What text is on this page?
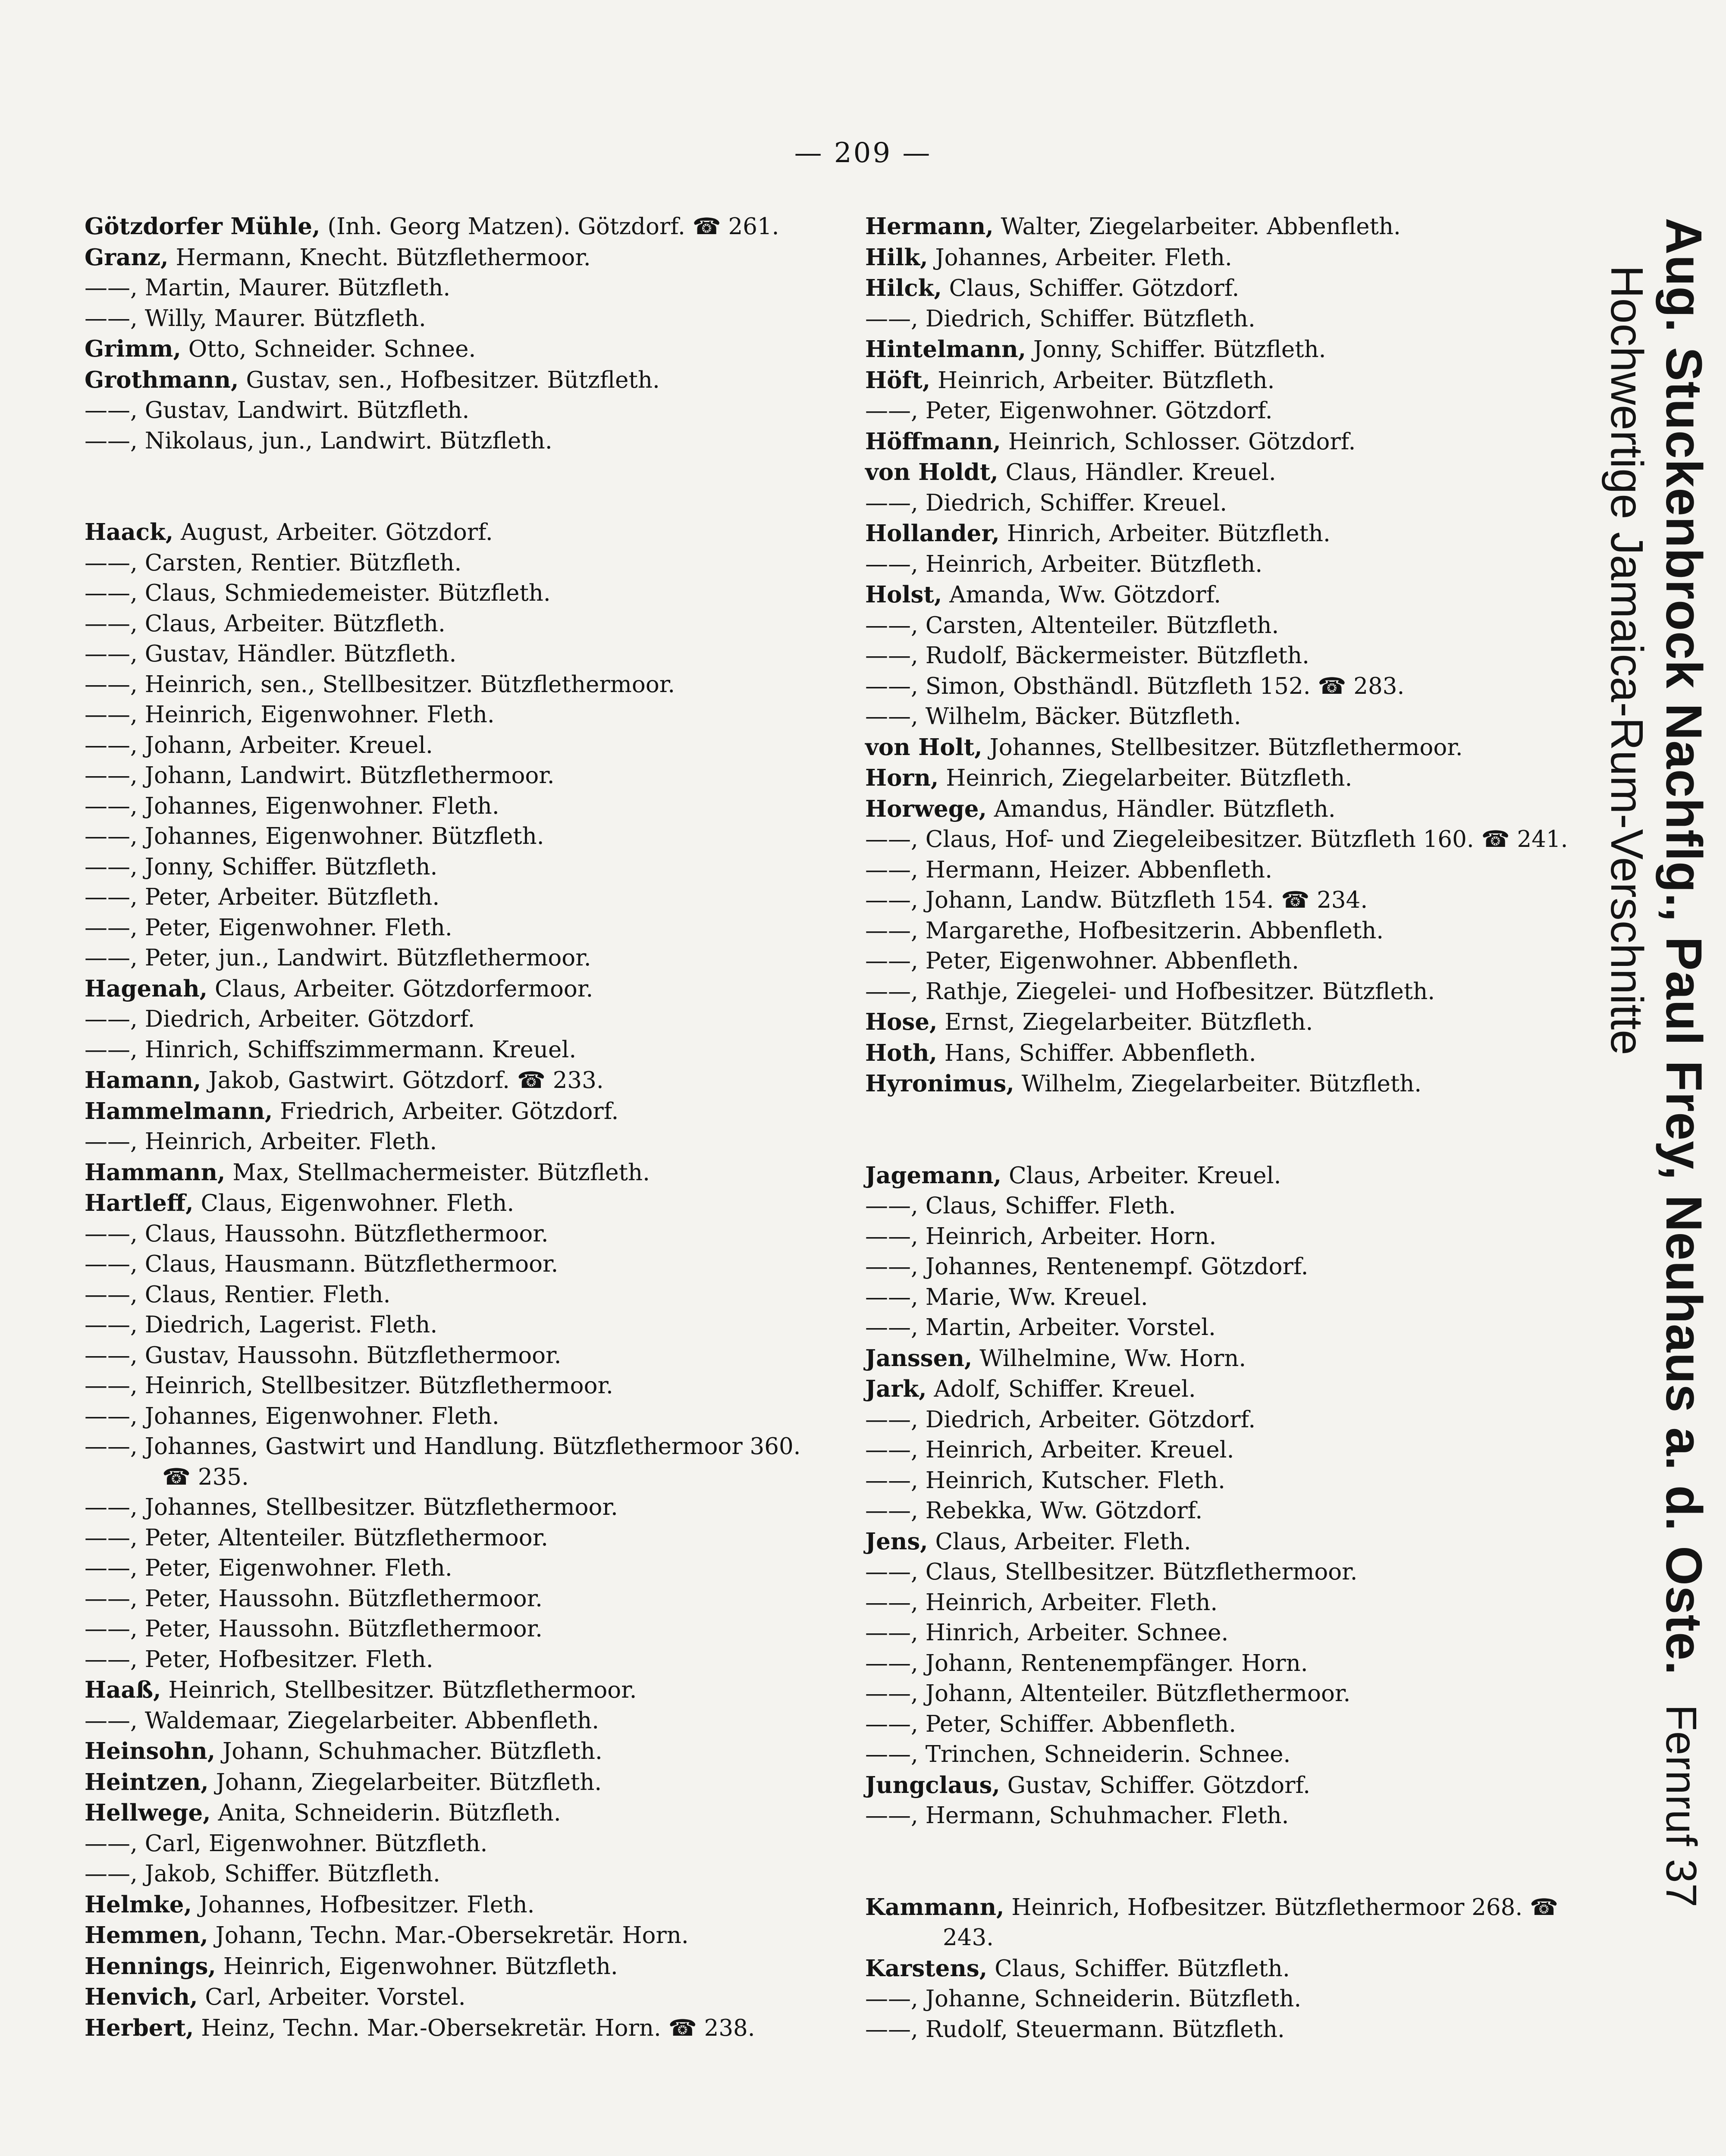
— 209 —

Götzdorfer Mühle, (Inh. Georg Matzen). Götzdorf. ☎ 261.

Granz, Hermann, Knecht. Bützflethermoor.

——, Martin, Maurer. Bützfleth.

——, Willy, Maurer. Bützfleth.

Grimm, Otto, Schneider. Schnee.

Grothmann, Gustav, sen., Hofbesitzer. Bützfleth.

——, Gustav, Landwirt. Bützfleth.

——, Nikolaus, jun., Landwirt. Bützfleth.

Haack, August, Arbeiter. Götzdorf.

——, Carsten, Rentier. Bützfleth.

——, Claus, Schmiedemeister. Bützfleth.

——, Claus, Arbeiter. Bützfleth.

——, Gustav, Händler. Bützfleth.

——, Heinrich, sen., Stellbesitzer. Bützflethermoor.

——, Heinrich, Eigenwohner. Fleth.

——, Johann, Arbeiter. Kreuel.

——, Johann, Landwirt. Bützflethermoor.

——, Johannes, Eigenwohner. Fleth.

——, Johannes, Eigenwohner. Bützfleth.

——, Jonny, Schiffer. Bützfleth.

——, Peter, Arbeiter. Bützfleth.

——, Peter, Eigenwohner. Fleth.

——, Peter, jun., Landwirt. Bützflethermoor.

Hagenah, Claus, Arbeiter. Götzdorfermoor.

——, Diedrich, Arbeiter. Götzdorf.

——, Hinrich, Schiffszimmermann. Kreuel.

Hamann, Jakob, Gastwirt. Götzdorf. ☎ 233.

Hammelmann, Friedrich, Arbeiter. Götzdorf.

——, Heinrich, Arbeiter. Fleth.

Hammann, Max, Stellmachermeister. Bützfleth.

Hartleff, Claus, Eigenwohner. Fleth.

——, Claus, Haussohn. Bützflethermoor.

——, Claus, Hausmann. Bützflethermoor.

——, Claus, Rentier. Fleth.

——, Diedrich, Lagerist. Fleth.

——, Gustav, Haussohn. Bützflethermoor.

——, Heinrich, Stellbesitzer. Bützflethermoor.

——, Johannes, Eigenwohner. Fleth.

——, Johannes, Gastwirt und Handlung. Bützflethermoor 360. ☎ 235.

——, Johannes, Stellbesitzer. Bützflethermoor.

——, Peter, Altenteiler. Bützflethermoor.

——, Peter, Eigenwohner. Fleth.

——, Peter, Haussohn. Bützflethermoor.

——, Peter, Haussohn. Bützflethermoor.

——, Peter, Hofbesitzer. Fleth.

Haaß, Heinrich, Stellbesitzer. Bützflethermoor.

——, Waldemaar, Ziegelarbeiter. Abbenfleth.

Heinsohn, Johann, Schuhmacher. Bützfleth.

Heintzen, Johann, Ziegelarbeiter. Bützfleth.

Hellwege, Anita, Schneiderin. Bützfleth.

——, Carl, Eigenwohner. Bützfleth.

——, Jakob, Schiffer. Bützfleth.

Helmke, Johannes, Hofbesitzer. Fleth.

Hemmen, Johann, Techn. Mar.-Obersekretär. Horn.

Hennings, Heinrich, Eigenwohner. Bützfleth.

Henvich, Carl, Arbeiter. Vorstel.

Herbert, Heinz, Techn. Mar.-Obersekretär. Horn. ☎ 238.

Hermann, Walter, Ziegelarbeiter. Abbenfleth.

Hilk, Johannes, Arbeiter. Fleth.

Hilck, Claus, Schiffer. Götzdorf.

——, Diedrich, Schiffer. Bützfleth.

Hintelmann, Jonny, Schiffer. Bützfleth.

Höft, Heinrich, Arbeiter. Bützfleth.

——, Peter, Eigenwohner. Götzdorf.

Höffmann, Heinrich, Schlosser. Götzdorf.

von Holdt, Claus, Händler. Kreuel.

——, Diedrich, Schiffer. Kreuel.

Hollander, Hinrich, Arbeiter. Bützfleth.

——, Heinrich, Arbeiter. Bützfleth.

Holst, Amanda, Ww. Götzdorf.

——, Carsten, Altenteiler. Bützfleth.

——, Rudolf, Bäckermeister. Bützfleth.

——, Simon, Obsthändl. Bützfleth 152. ☎ 283.

——, Wilhelm, Bäcker. Bützfleth.

von Holt, Johannes, Stellbesitzer. Bützflethermoor.

Horn, Heinrich, Ziegelarbeiter. Bützfleth.

Horwege, Amandus, Händler. Bützfleth.

——, Claus, Hof- und Ziegeleibesitzer. Bützfleth 160. ☎ 241.

——, Hermann, Heizer. Abbenfleth.

——, Johann, Landw. Bützfleth 154. ☎ 234.

——, Margarethe, Hofbesitzerin. Abbenfleth.

——, Peter, Eigenwohner. Abbenfleth.

——, Rathje, Ziegelei- und Hofbesitzer. Bützfleth.

Hose, Ernst, Ziegelarbeiter. Bützfleth.

Hoth, Hans, Schiffer. Abbenfleth.

Hyronimus, Wilhelm, Ziegelarbeiter. Bützfleth.

Jagemann, Claus, Arbeiter. Kreuel.

——, Claus, Schiffer. Fleth.

——, Heinrich, Arbeiter. Horn.

——, Johannes, Rentenempf. Götzdorf.

——, Marie, Ww. Kreuel.

——, Martin, Arbeiter. Vorstel.

Janssen, Wilhelmine, Ww. Horn.

Jark, Adolf, Schiffer. Kreuel.

——, Diedrich, Arbeiter. Götzdorf.

——, Heinrich, Arbeiter. Kreuel.

——, Heinrich, Kutscher. Fleth.

——, Rebekka, Ww. Götzdorf.

Jens, Claus, Arbeiter. Fleth.

——, Claus, Stellbesitzer. Bützflethermoor.

——, Heinrich, Arbeiter. Fleth.

——, Hinrich, Arbeiter. Schnee.

——, Johann, Rentenempfänger. Horn.

——, Johann, Altenteiler. Bützflethermoor.

——, Peter, Schiffer. Abbenfleth.

——, Trinchen, Schneiderin. Schnee.

Jungclaus, Gustav, Schiffer. Götzdorf.

——, Hermann, Schuhmacher. Fleth.

Kammann, Heinrich, Hofbesitzer. Bützflethermoor 268. ☎ 243.

Karstens, Claus, Schiffer. Bützfleth.

——, Johanne, Schneiderin. Bützfleth.

——, Rudolf, Steuermann. Bützfleth.

Aug. Stuckenbrock Nachflg., Paul Frey, Neuhaus a. d. Oste.  Fernruf 37
Hochwertige Jamaica-Rum-Verschnitte
